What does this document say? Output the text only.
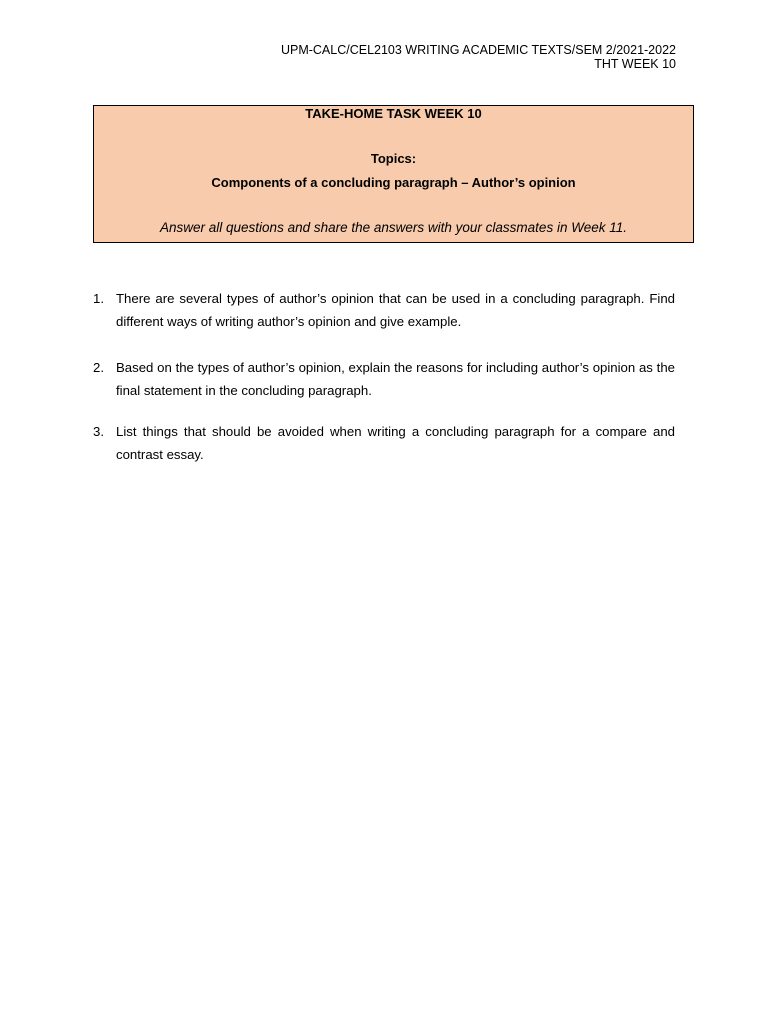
UPM-CALC/CEL2103 WRITING ACADEMIC TEXTS/SEM 2/2021-2022
THT WEEK 10
TAKE-HOME TASK WEEK 10
Topics:
Components of a concluding paragraph – Author’s opinion
Answer all questions and share the answers with your classmates in Week 11.
1. There are several types of author’s opinion that can be used in a concluding paragraph. Find different ways of writing author’s opinion and give example.
2. Based on the types of author’s opinion, explain the reasons for including author’s opinion as the final statement in the concluding paragraph.
3. List things that should be avoided when writing a concluding paragraph for a compare and contrast essay.
